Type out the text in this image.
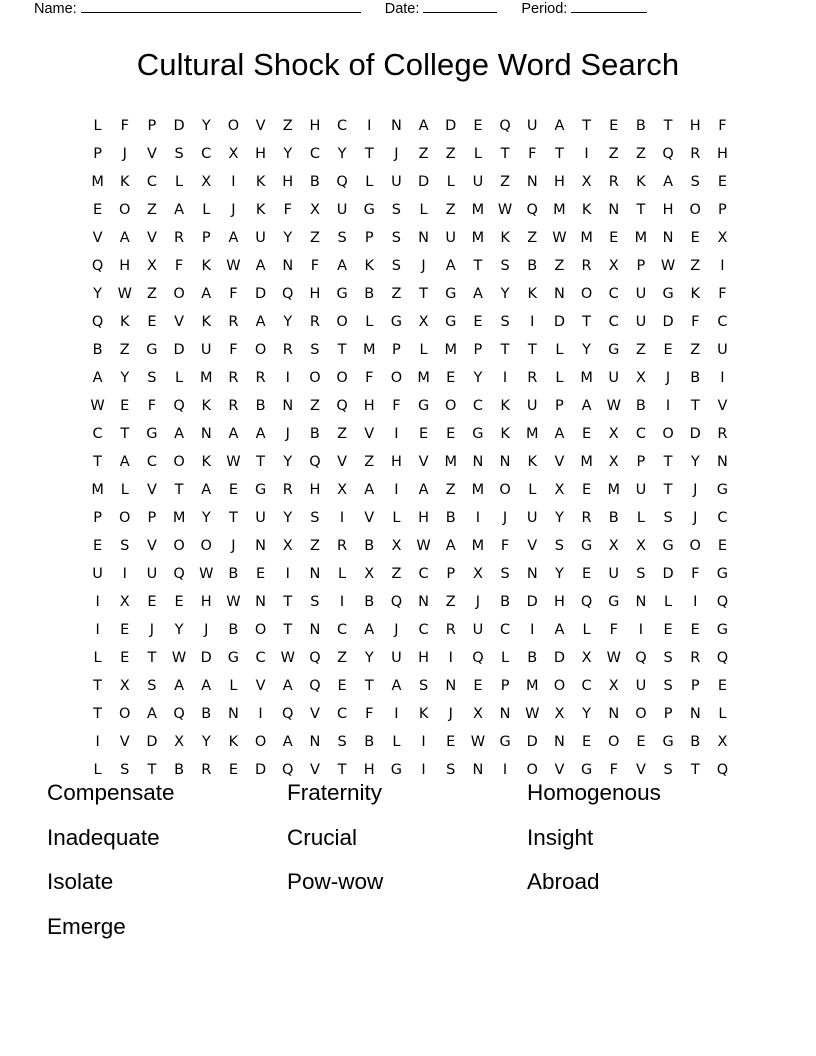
Name:	Date:	Period:
Cultural Shock of College Word Search
L	F	P	D	Y	O	V	Z	H	C	I	N	A	D	E	Q	U	A	T	E	B	T	H	F
P	J	V	S	C	X	H	Y	C	Y	T	J	Z	Z	L	T	F	T	I	Z	Z	Q	R	H
M	K	C	L	X	I	K	H	B	Q	L	U	D	L	U	Z	N	H	X	R	K	A	S	E
E	O	Z	A	L	J	K	F	X	U	G	S	L	Z	M W Q	M	K	N	T	H	O	P
V	A	V	R	P	A	U	Y	Z	S	P	S	N	U	M	K	Z	W M	E	M	N	E	X
Q	H	X	F	K	W	A	N	F	A	K	S	J	A	T	S	B	Z	R	X	P	W	Z	I
Y	W	Z	O	A	F	D	Q	H	G	B	Z	T	G	A	Y	K	N	O	C	U	G	K	F
Q	K	E	V	K	R	A	Y	R	O	L	G	X	G	E	S	I	D	T	C	U	D	F	C
B	Z	G	D	U	F	O	R	S	T	M	P	L	M	P	T	T	L	Y	G	Z	E	Z	U
A	Y	S	L	M	R	R	I	O	O	F	O	M	E	Y	I	R	L	M	U	X	J	B	I
W	E	F	Q	K	R	B	N	Z	Q	H	F	G	O	C	K	U	P	A	W	B	I	T	V
C	T	G	A	N	A	A	J	B	Z	V	I	E	E	G	K	M	A	E	X	C	O	D	R
T	A	C	O	K	W	T	Y	Q	V	Z	H	V	M	N	N	K	V	M	X	P	T	Y	N
M	L	V	T	A	E	G	R	H	X	A	I	A	Z	M	O	L	X	E	M	U	T	J	G
P	O	P	M	Y	T	U	Y	S	I	V	L	H	B	I	J	U	Y	R	B	L	S	J	C
E	S	V	O	O	J	N	X	Z	R	B	X	W	A	M	F	V	S	G	X	X	G	O	E
U	I	U	Q W	B	E	I	N	L	X	Z	C	P	X	S	N	Y	E	U	S	D	F	G
I	X	E	E	H	W	N	T	S	I	B	Q	N	Z	J	B	D	H	Q	G	N	L	I	Q
I	E	J	Y	J	B	O	T	N	C	A	J	C	R	U	C	I	A	L	F	I	E	E	G
L	E	T	W D	G	C	W Q	Z	Y	U	H	I	Q	L	B	D	X	W Q	S	R	Q
T	X	S	A	A	L	V	A	Q	E	T	A	S	N	E	P	M	O	C	X	U	S	P	E
T	O	A	Q	B	N	I	Q	V	C	F	I	K	J	X	N	W	X	Y	N	O	P	N	L
I	V	D	X	Y	K	O	A	N	S	B	L	I	E	W G	D	N	E	O	E	G	B	X
L	S	T	B	R	E	D	Q	V	T	H	G	I	S	N	I	O	V	G	F	V	S	T	Q
Compensate	Fraternity	Homogenous
Inadequate	Crucial	Insight
Isolate	Pow-wow	Abroad
Emerge
